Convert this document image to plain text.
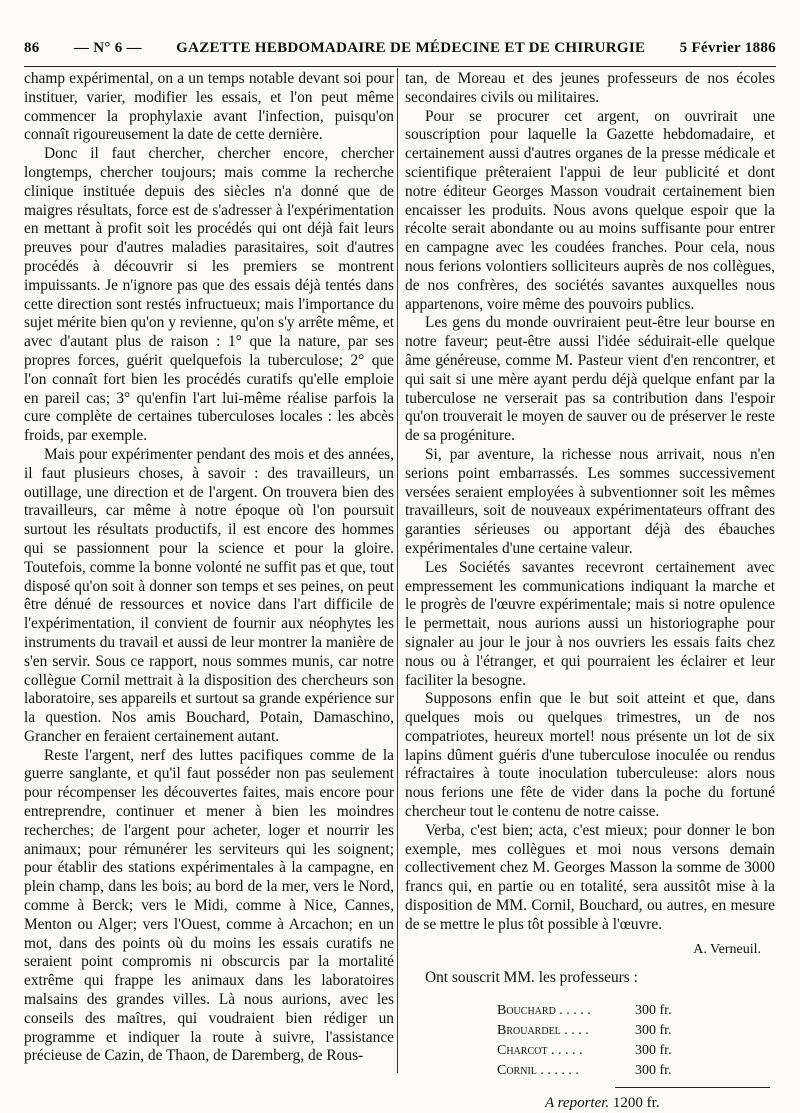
86 — N° 6 — GAZETTE HEBDOMADAIRE DE MÉDECINE ET DE CHIRURGIE 5 Février 1886

champ expérimental, on a un temps notable devant soi pour instituer, varier, modifier les essais, et l'on peut même commencer la prophylaxie avant l'infection, puisqu'on connaît rigoureusement la date de cette dernière.

Donc il faut chercher, chercher encore, chercher longtemps, chercher toujours; mais comme la recherche clinique instituée depuis des siècles n'a donné que de maigres résultats, force est de s'adresser à l'expérimentation en mettant à profit soit les procédés qui ont déjà fait leurs preuves pour d'autres maladies parasitaires, soit d'autres procédés à découvrir si les premiers se montrent impuissants. Je n'ignore pas que des essais déjà tentés dans cette direction sont restés infructueux; mais l'importance du sujet mérite bien qu'on y revienne, qu'on s'y arrête même, et avec d'autant plus de raison : 1° que la nature, par ses propres forces, guérit quelquefois la tuberculose; 2° que l'on connaît fort bien les procédés curatifs qu'elle emploie en pareil cas; 3° qu'enfin l'art lui-même réalise parfois la cure complète de certaines tuberculoses locales : les abcès froids, par exemple.

Mais pour expérimenter pendant des mois et des années, il faut plusieurs choses, à savoir : des travailleurs, un outillage, une direction et de l'argent. On trouvera bien des travailleurs, car même à notre époque où l'on poursuit surtout les résultats productifs, il est encore des hommes qui se passionnent pour la science et pour la gloire. Toutefois, comme la bonne volonté ne suffit pas et que, tout disposé qu'on soit à donner son temps et ses peines, on peut être dénué de ressources et novice dans l'art difficile de l'expérimentation, il convient de fournir aux néophytes les instruments du travail et aussi de leur montrer la manière de s'en servir. Sous ce rapport, nous sommes munis, car notre collègue Cornil mettrait à la disposition des chercheurs son laboratoire, ses appareils et surtout sa grande expérience sur la question. Nos amis Bouchard, Potain, Damaschino, Grancher en feraient certainement autant.

Reste l'argent, nerf des luttes pacifiques comme de la guerre sanglante, et qu'il faut posséder non pas seulement pour récompenser les découvertes faites, mais encore pour entreprendre, continuer et mener à bien les moindres recherches; de l'argent pour acheter, loger et nourrir les animaux; pour rémunérer les serviteurs qui les soignent; pour établir des stations expérimentales à la campagne, en plein champ, dans les bois; au bord de la mer, vers le Nord, comme à Berck; vers le Midi, comme à Nice, Cannes, Menton ou Alger; vers l'Ouest, comme à Arcachon; en un mot, dans des points où du moins les essais curatifs ne seraient point compromis ni obscurcis par la mortalité extrême qui frappe les animaux dans les laboratoires malsains des grandes villes. Là nous aurions, avec les conseils des maîtres, qui voudraient bien rédiger un programme et indiquer la route à suivre, l'assistance précieuse de Cazin, de Thaon, de Daremberg, de Rous-

tan, de Moreau et des jeunes professeurs de nos écoles secondaires civils ou militaires.

Pour se procurer cet argent, on ouvrirait une souscription pour laquelle la Gazette hebdomadaire, et certainement aussi d'autres organes de la presse médicale et scientifique prêteraient l'appui de leur publicité et dont notre éditeur Georges Masson voudrait certainement bien encaisser les produits. Nous avons quelque espoir que la récolte serait abondante ou au moins suffisante pour entrer en campagne avec les coudées franches. Pour cela, nous nous ferions volontiers solliciteurs auprès de nos collègues, de nos confrères, des sociétés savantes auxquelles nous appartenons, voire même des pouvoirs publics.

Les gens du monde ouvriraient peut-être leur bourse en notre faveur; peut-être aussi l'idée séduirait-elle quelque âme généreuse, comme M. Pasteur vient d'en rencontrer, et qui sait si une mère ayant perdu déjà quelque enfant par la tuberculose ne verserait pas sa contribution dans l'espoir qu'on trouverait le moyen de sauver ou de préserver le reste de sa progéniture.

Si, par aventure, la richesse nous arrivait, nous n'en serions point embarrassés. Les sommes successivement versées seraient employées à subventionner soit les mêmes travailleurs, soit de nouveaux expérimentateurs offrant des garanties sérieuses ou apportant déjà des ébauches expérimentales d'une certaine valeur.

Les Sociétés savantes recevront certainement avec empressement les communications indiquant la marche et le progrès de l'œuvre expérimentale; mais si notre opulence le permettait, nous aurions aussi un historiographe pour signaler au jour le jour à nos ouvriers les essais faits chez nous ou à l'étranger, et qui pourraient les éclairer et leur faciliter la besogne.

Supposons enfin que le but soit atteint et que, dans quelques mois ou quelques trimestres, un de nos compatriotes, heureux mortel! nous présente un lot de six lapins dûment guéris d'une tuberculose inoculée ou rendus réfractaires à toute inoculation tuberculeuse: alors nous nous ferions une fête de vider dans la poche du fortuné chercheur tout le contenu de notre caisse.

Verba, c'est bien; acta, c'est mieux; pour donner le bon exemple, mes collègues et moi nous versons demain collectivement chez M. Georges Masson la somme de 3000 francs qui, en partie ou en totalité, sera aussitôt mise à la disposition de MM. Cornil, Bouchard, ou autres, en mesure de se mettre le plus tôt possible à l'œuvre.

A. Verneuil.

Ont souscrit MM. les professeurs :

Bouchard . . . . .	300 fr.
Brouardel . . . .	300 fr.
Charcot . . . . .	300 fr.
Cornil . . . . . .	300 fr.
A reporter. 1200 fr.
